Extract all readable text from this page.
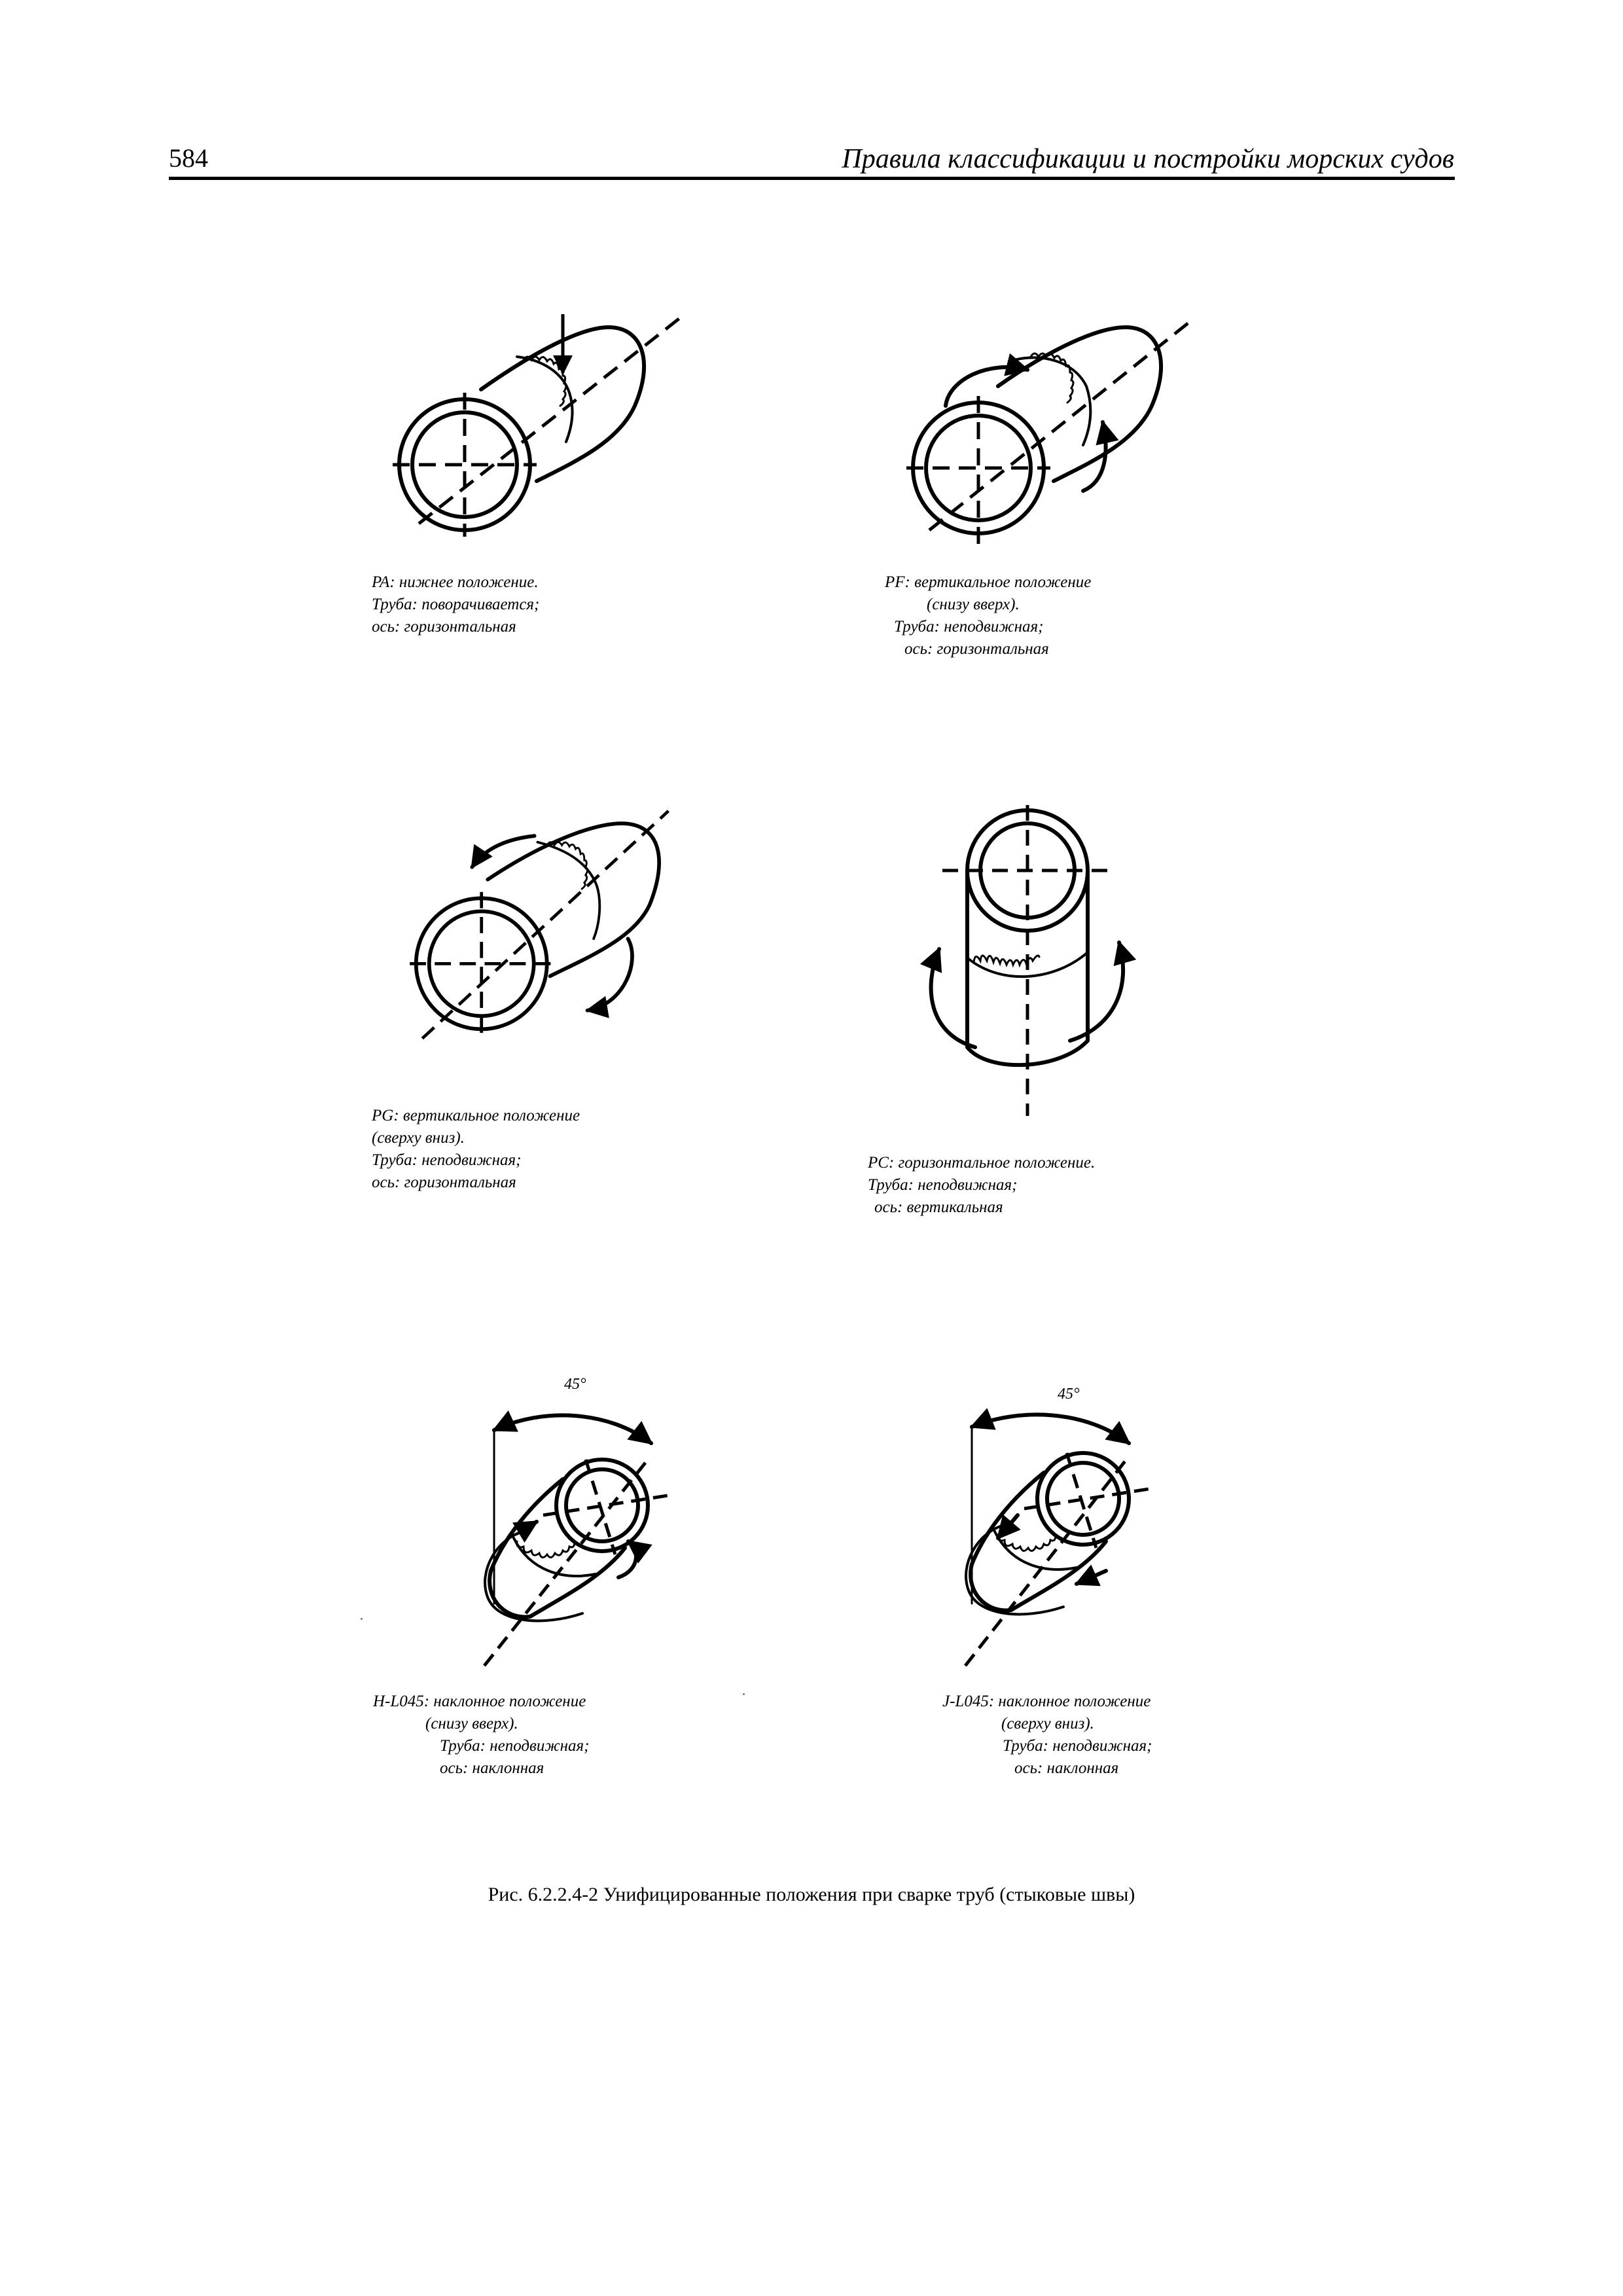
584	Правила классификации и постройки морских судов
PA: нижнее положение.
Труба: поворачивается;
ось: горизонтальная
PF: вертикальное положение
(снизу вверх).
Труба: неподвижная;
ось: горизонтальная
PG: вертикальное положение
(сверху вниз).
Труба: неподвижная;
ось: горизонтальная
PC: горизонтальное положение.
Труба: неподвижная;
ось: вертикальная
45°
H-L045: наклонное положение
(снизу вверх).
Труба: неподвижная;
ось: наклонная
45°
J-L045: наклонное положение
(сверху вниз).
Труба: неподвижная;
ось: наклонная
Рис. 6.2.2.4-2 Унифицированные положения при сварке труб (стыковые швы)
